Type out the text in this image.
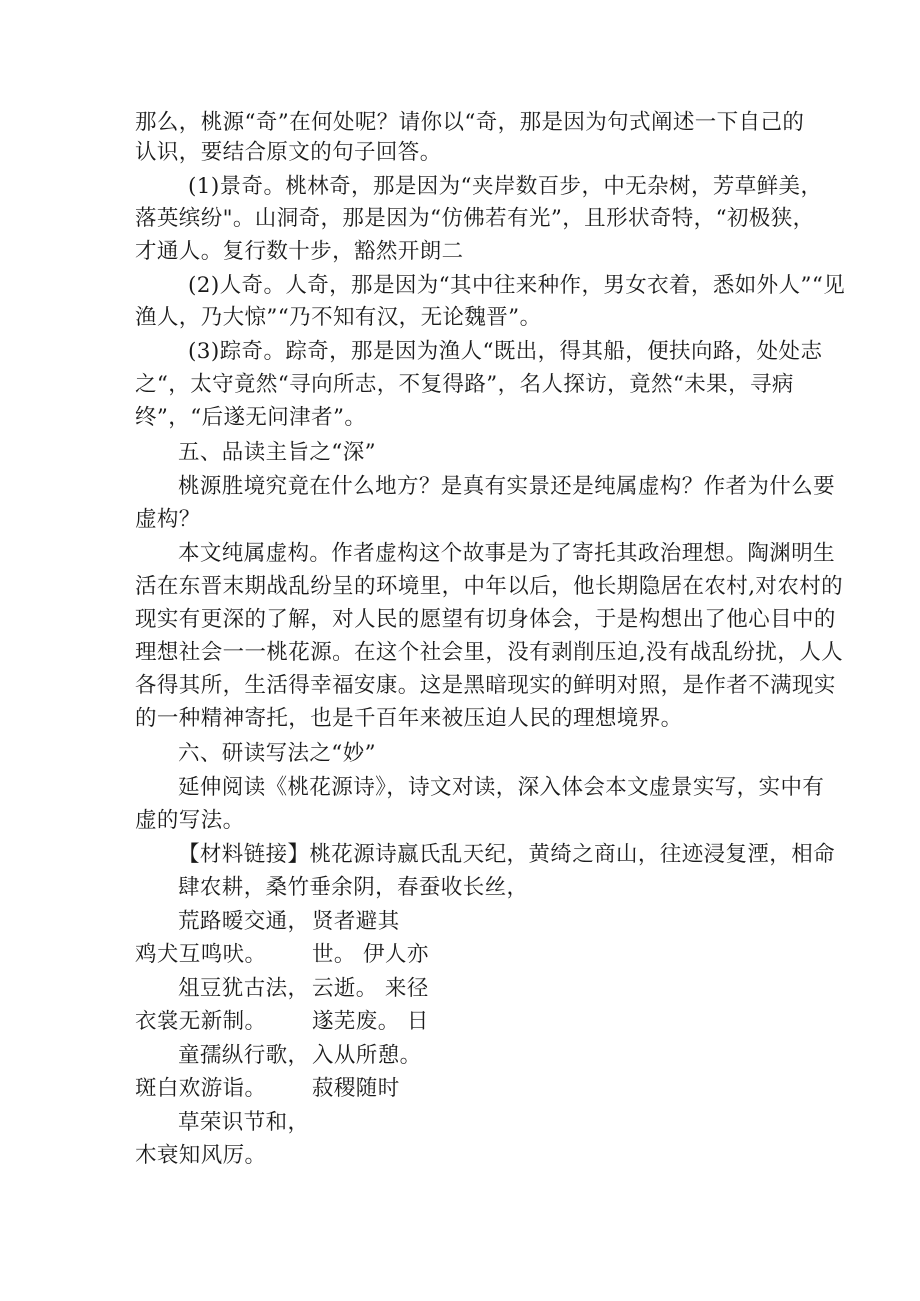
那么，桃源“奇”在何处呢？请你以“奇，那是因为句式阐述一下自己的
认识，要结合原文的句子回答。
(1)景奇。桃林奇，那是因为“夹岸数百步，中无杂树，芳草鲜美，
落英缤纷"。山洞奇，那是因为“仿佛若有光”，且形状奇特，“初极狭，
才通人。复行数十步，豁然开朗二
(2)人奇。人奇，那是因为“其中往来种作，男女衣着，悉如外人”“见
渔人，乃大惊”“乃不知有汉，无论魏晋”。
(3)踪奇。踪奇，那是因为渔人“既出，得其船，便扶向路，处处志
之“，太守竟然“寻向所志，不复得路”，名人探访，竟然“未果，寻病
终”，“后遂无问津者”。
五、品读主旨之“深”
桃源胜境究竟在什么地方？是真有实景还是纯属虚构？作者为什么要
虚构？
本文纯属虚构。作者虚构这个故事是为了寄托其政治理想。陶渊明生
活在东晋末期战乱纷呈的环境里，中年以后，他长期隐居在农村,对农村的
现实有更深的了解，对人民的愿望有切身体会，于是构想出了他心目中的
理想社会一一桃花源。在这个社会里，没有剥削压迫,没有战乱纷扰，人人
各得其所，生活得幸福安康。这是黑暗现实的鲜明对照，是作者不满现实
的一种精神寄托，也是千百年来被压迫人民的理想境界。
六、研读写法之“妙”
延伸阅读《桃花源诗》，诗文对读，深入体会本文虚景实写，实中有
虚的写法。
【材料链接】桃花源诗嬴氏乱天纪，黄绮之商山，往迹浸复湮，相命
肆农耕，桑竹垂余阴，春蚕收长丝，
荒路暧交通， 贤者避其
鸡犬互鸣吠。 世。 伊人亦
俎豆犹古法， 云逝。 来径
衣裳无新制。 遂芜废。 日
童孺纵行歌， 入从所憩。
斑白欢游诣。 菽稷随时
草荣识节和，
木衰知风厉。
